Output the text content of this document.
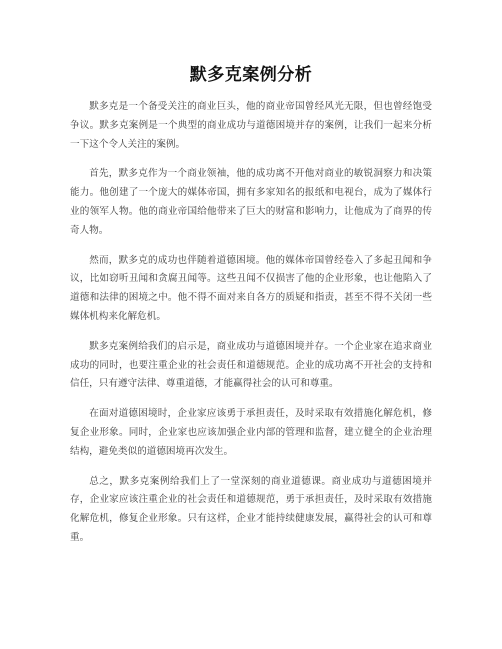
默多克案例分析

默多克是一个备受关注的商业巨头，他的商业帝国曾经风光无限，但也曾经饱受争议。默多克案例是一个典型的商业成功与道德困境并存的案例，让我们一起来分析一下这个令人关注的案例。

首先，默多克作为一个商业领袖，他的成功离不开他对商业的敏锐洞察力和决策能力。他创建了一个庞大的媒体帝国，拥有多家知名的报纸和电视台，成为了媒体行业的领军人物。他的商业帝国给他带来了巨大的财富和影响力，让他成为了商界的传奇人物。

然而，默多克的成功也伴随着道德困境。他的媒体帝国曾经卷入了多起丑闻和争议，比如窃听丑闻和贪腐丑闻等。这些丑闻不仅损害了他的企业形象，也让他陷入了道德和法律的困境之中。他不得不面对来自各方的质疑和指责，甚至不得不关闭一些媒体机构来化解危机。

默多克案例给我们的启示是，商业成功与道德困境并存。一个企业家在追求商业成功的同时，也要注重企业的社会责任和道德规范。企业的成功离不开社会的支持和信任，只有遵守法律、尊重道德，才能赢得社会的认可和尊重。

在面对道德困境时，企业家应该勇于承担责任，及时采取有效措施化解危机，修复企业形象。同时，企业家也应该加强企业内部的管理和监督，建立健全的企业治理结构，避免类似的道德困境再次发生。

总之，默多克案例给我们上了一堂深刻的商业道德课。商业成功与道德困境并存，企业家应该注重企业的社会责任和道德规范，勇于承担责任，及时采取有效措施化解危机，修复企业形象。只有这样，企业才能持续健康发展，赢得社会的认可和尊重。
